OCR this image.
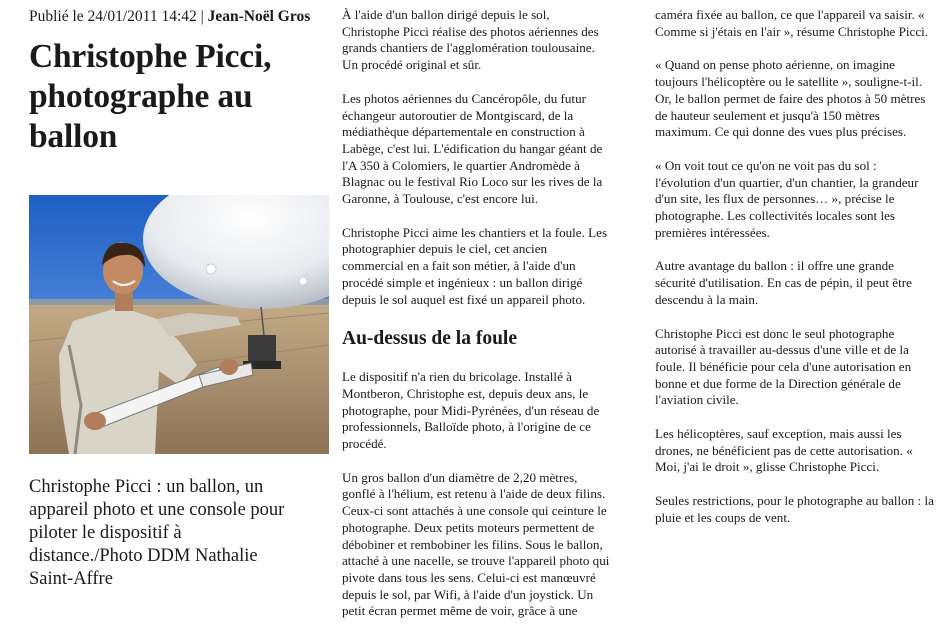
Publié le 24/01/2011 14:42 | Jean-Noël Gros
Christophe Picci, photographe au ballon
Christophe Picci : un ballon, un appareil photo et une console pour piloter le dispositif à distance./Photo DDM Nathalie Saint-Affre

À l'aide d'un ballon dirigé depuis le sol, Christophe Picci réalise des photos aériennes des grands chantiers de l'agglomération toulousaine. Un procédé original et sûr.

Les photos aériennes du Cancéropôle, du futur échangeur autoroutier de Montgiscard, de la médiathèque départementale en construction à Labège, c'est lui. L'édification du hangar géant de l'A 350 à Colomiers, le quartier Andromède à Blagnac ou le festival Rio Loco sur les rives de la Garonne, à Toulouse, c'est encore lui.

Christophe Picci aime les chantiers et la foule. Les photographier depuis le ciel, cet ancien commercial en a fait son métier, à l'aide d'un procédé simple et ingénieux : un ballon dirigé depuis le sol auquel est fixé un appareil photo.

Au-dessus de la foule

Le dispositif n'a rien du bricolage. Installé à Montberon, Christophe est, depuis deux ans, le photographe, pour Midi-Pyrénées, d'un réseau de professionnels, Balloïde photo, à l'origine de ce procédé.

Un gros ballon d'un diamètre de 2,20 mètres, gonflé à l'hélium, est retenu à l'aide de deux filins. Ceux-ci sont attachés à une console qui ceinture le photographe. Deux petits moteurs permettent de débobiner et rembobiner les filins. Sous le ballon, attaché à une nacelle, se trouve l'appareil photo qui pivote dans tous les sens. Celui-ci est manœuvré depuis le sol, par Wifi, à l'aide d'un joystick. Un petit écran permet même de voir, grâce à une

caméra fixée au ballon, ce que l'appareil va saisir. « Comme si j'étais en l'air », résume Christophe Picci.

« Quand on pense photo aérienne, on imagine toujours l'hélicoptère ou le satellite », souligne-t-il. Or, le ballon permet de faire des photos à 50 mètres de hauteur seulement et jusqu'à 150 mètres maximum. Ce qui donne des vues plus précises.

« On voit tout ce qu'on ne voit pas du sol : l'évolution d'un quartier, d'un chantier, la grandeur d'un site, les flux de personnes… », précise le photographe. Les collectivités locales sont les premières intéressées.

Autre avantage du ballon : il offre une grande sécurité d'utilisation. En cas de pépin, il peut être descendu à la main.

Christophe Picci est donc le seul photographe autorisé à travailler au-dessus d'une ville et de la foule. Il bénéficie pour cela d'une autorisation en bonne et due forme de la Direction générale de l'aviation civile.

Les hélicoptères, sauf exception, mais aussi les drones, ne bénéficient pas de cette autorisation. « Moi, j'ai le droit », glisse Christophe Picci.

Seules restrictions, pour le photographe au ballon : la pluie et les coups de vent.
